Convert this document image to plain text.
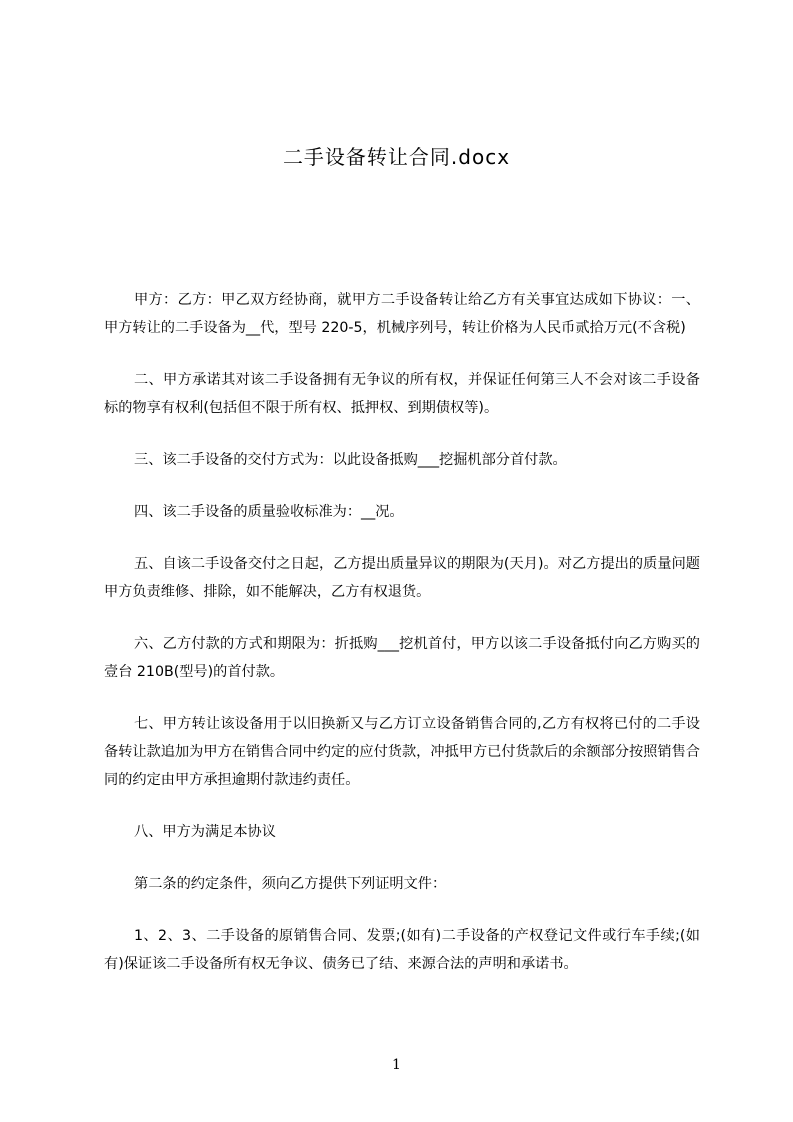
二手设备转让合同.docx

甲方：乙方：甲乙双方经协商，就甲方二手设备转让给乙方有关事宜达成如下协议：一、甲方转让的二手设备为__代，型号 220-5，机械序列号，转让价格为人民币贰拾万元(不含税)

二、甲方承诺其对该二手设备拥有无争议的所有权，并保证任何第三人不会对该二手设备标的物享有权利(包括但不限于所有权、抵押权、到期债权等)。

三、该二手设备的交付方式为：以此设备抵购___挖掘机部分首付款。

四、该二手设备的质量验收标准为：__况。

五、自该二手设备交付之日起，乙方提出质量异议的期限为(天月)。对乙方提出的质量问题甲方负责维修、排除，如不能解决，乙方有权退货。

六、乙方付款的方式和期限为：折抵购___挖机首付，甲方以该二手设备抵付向乙方购买的壹台 210B(型号)的首付款。

七、甲方转让该设备用于以旧换新又与乙方订立设备销售合同的,乙方有权将已付的二手设备转让款追加为甲方在销售合同中约定的应付货款，冲抵甲方已付货款后的余额部分按照销售合同的约定由甲方承担逾期付款违约责任。

八、甲方为满足本协议

第二条的约定条件，须向乙方提供下列证明文件：

1、2、3、二手设备的原销售合同、发票;(如有)二手设备的产权登记文件或行车手续;(如有)保证该二手设备所有权无争议、债务已了结、来源合法的声明和承诺书。

1
